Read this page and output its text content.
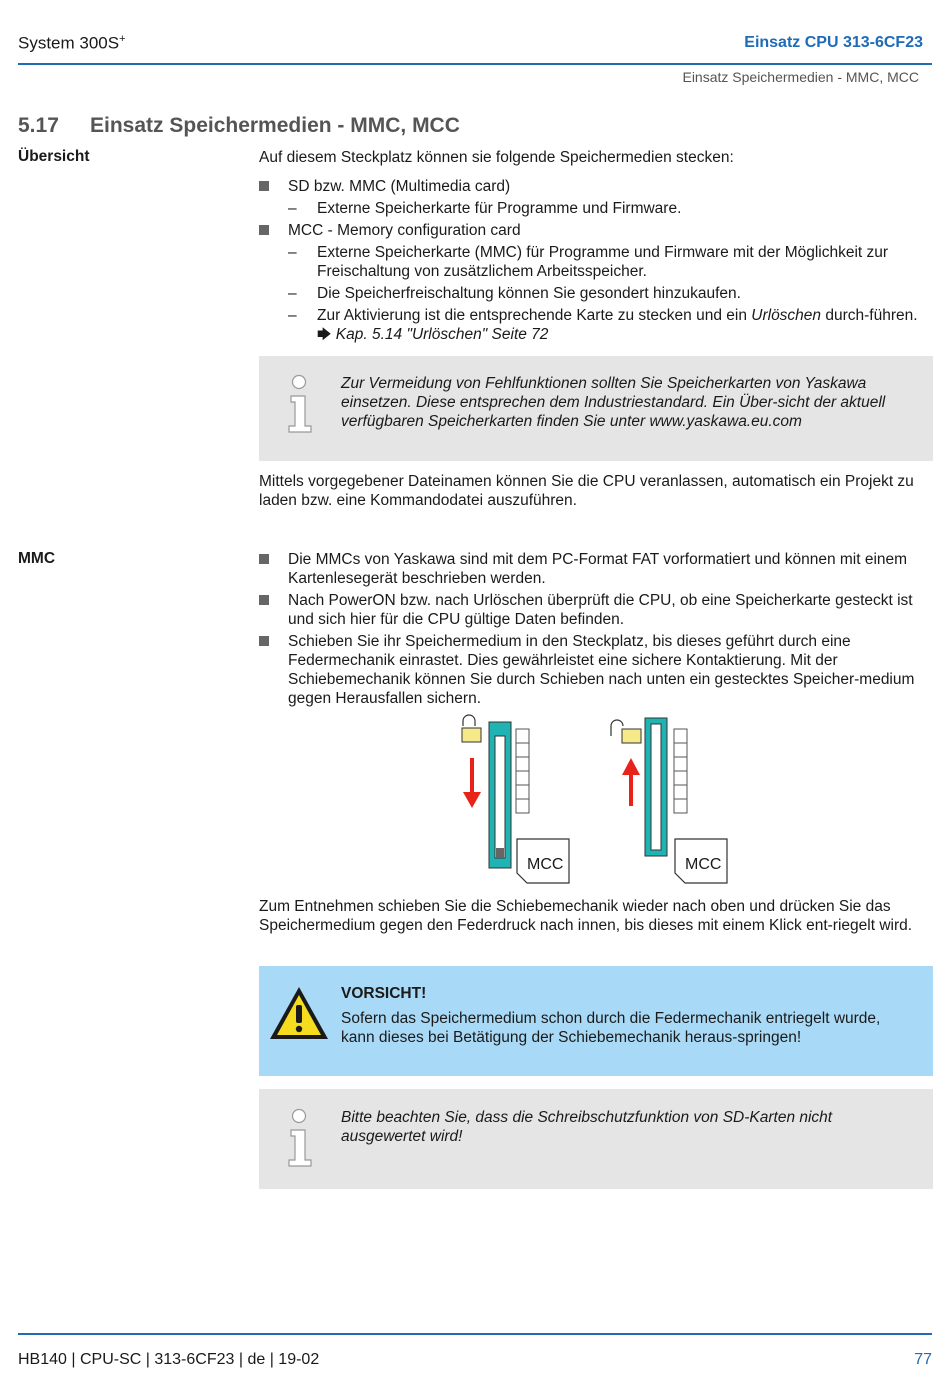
System 300S+	Einsatz CPU 313-6CF23
Einsatz Speichermedien - MMC, MCC
5.17 Einsatz Speichermedien - MMC, MCC
Übersicht	Auf diesem Steckplatz können sie folgende Speichermedien stecken:
SD bzw. MMC (Multimedia card)
– Externe Speicherkarte für Programme und Firmware.
MCC - Memory configuration card
– Externe Speicherkarte (MMC) für Programme und Firmware mit der Möglichkeit zur Freischaltung von zusätzlichem Arbeitsspeicher.
– Die Speicherfreischaltung können Sie gesondert hinzukaufen.
– Zur Aktivierung ist die entsprechende Karte zu stecken und ein Urlöschen durch-führen. 🡆 Kap. 5.14 "Urlöschen" Seite 72
Zur Vermeidung von Fehlfunktionen sollten Sie Speicherkarten von Yaskawa einsetzen. Diese entsprechen dem Industriestandard. Ein Über-sicht der aktuell verfügbaren Speicherkarten finden Sie unter www.yaskawa.eu.com
Mittels vorgegebener Dateinamen können Sie die CPU veranlassen, automatisch ein Projekt zu laden bzw. eine Kommandodatei auszuführen.
MMC	Die MMCs von Yaskawa sind mit dem PC-Format FAT vorformatiert und können mit einem Kartenlesegerät beschrieben werden.
Nach PowerON bzw. nach Urlöschen überprüft die CPU, ob eine Speicherkarte gesteckt ist und sich hier für die CPU gültige Daten befinden.
Schieben Sie ihr Speichermedium in den Steckplatz, bis dieses geführt durch eine Federmechanik einrastet. Dies gewährleistet eine sichere Kontaktierung. Mit der Schiebemechanik können Sie durch Schieben nach unten ein gestecktes Speicher-medium gegen Herausfallen sichern.
MCC	MCC
Zum Entnehmen schieben Sie die Schiebemechanik wieder nach oben und drücken Sie das Speichermedium gegen den Federdruck nach innen, bis dieses mit einem Klick ent-riegelt wird.
VORSICHT!
Sofern das Speichermedium schon durch die Federmechanik entriegelt wurde, kann dieses bei Betätigung der Schiebemechanik heraus-springen!
Bitte beachten Sie, dass die Schreibschutzfunktion von SD-Karten nicht ausgewertet wird!
HB140 | CPU-SC | 313-6CF23 | de | 19-02	77
